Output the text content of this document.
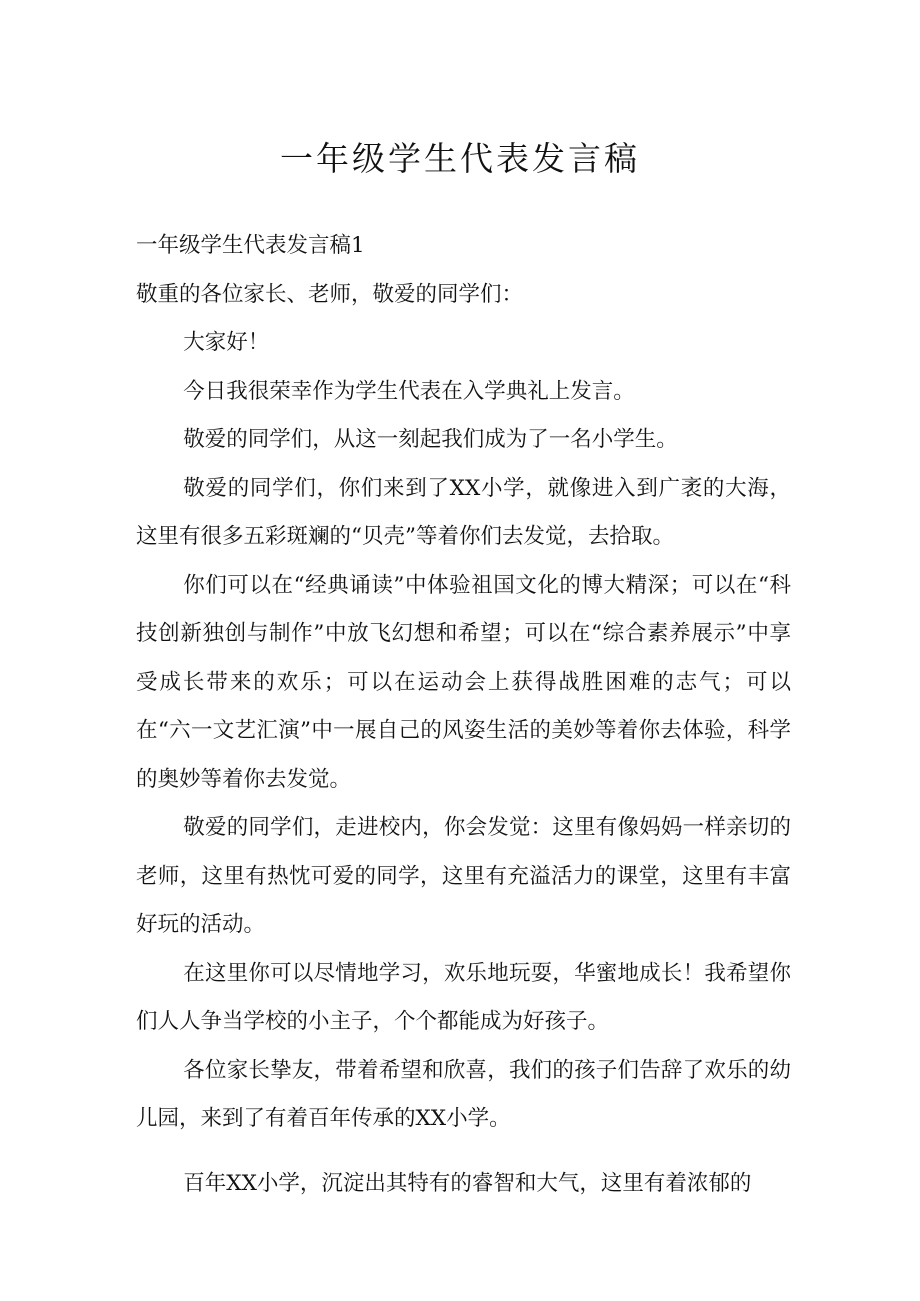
一年级学生代表发言稿

一年级学生代表发言稿1

敬重的各位家长、老师，敬爱的同学们：

大家好！

今日我很荣幸作为学生代表在入学典礼上发言。

敬爱的同学们，从这一刻起我们成为了一名小学生。

敬爱的同学们，你们来到了XX小学，就像进入到广袤的大海，这里有很多五彩斑斓的“贝壳”等着你们去发觉，去拾取。

你们可以在“经典诵读”中体验祖国文化的博大精深；可以在“科技创新独创与制作”中放飞幻想和希望；可以在“综合素养展示”中享受成长带来的欢乐；可以在运动会上获得战胜困难的志气；可以在“六一文艺汇演”中一展自己的风姿生活的美妙等着你去体验，科学的奥妙等着你去发觉。

敬爱的同学们，走进校内，你会发觉：这里有像妈妈一样亲切的老师，这里有热忱可爱的同学，这里有充溢活力的课堂，这里有丰富好玩的活动。

在这里你可以尽情地学习，欢乐地玩耍，华蜜地成长！我希望你们人人争当学校的小主子，个个都能成为好孩子。

各位家长挚友，带着希望和欣喜，我们的孩子们告辞了欢乐的幼儿园，来到了有着百年传承的XX小学。

百年XX小学，沉淀出其特有的睿智和大气，这里有着浓郁的
